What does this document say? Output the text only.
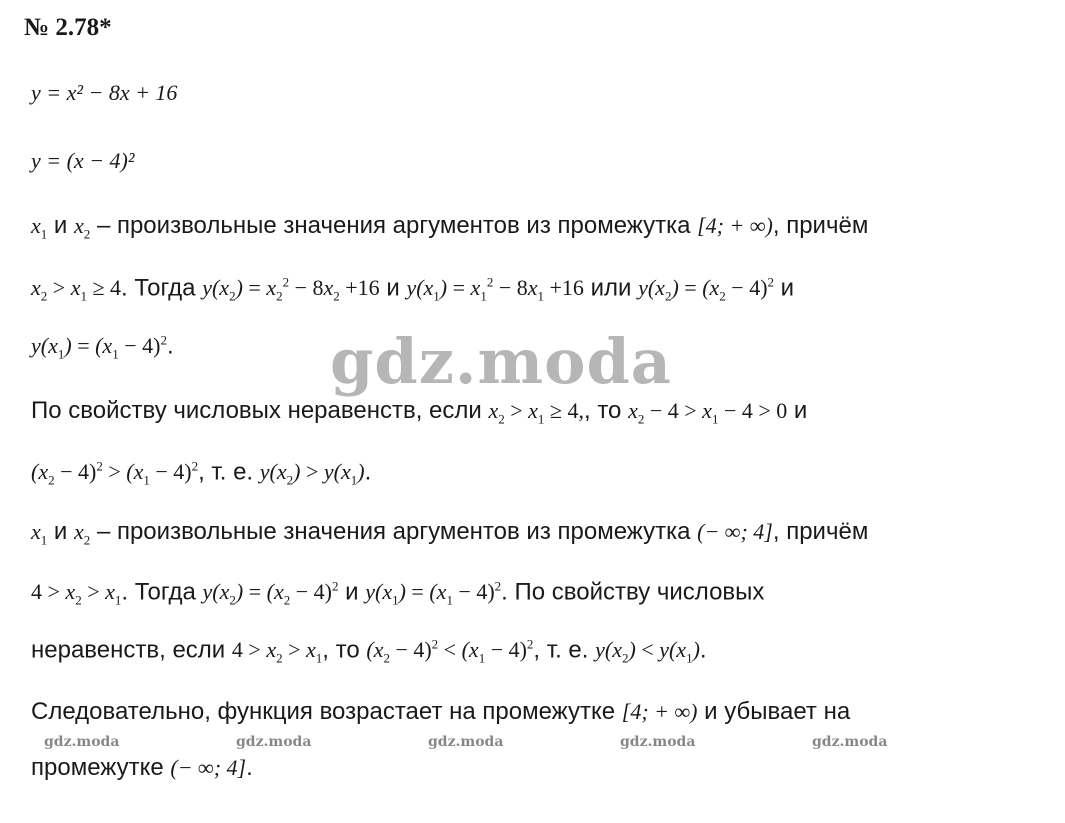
№ 2.78*
y = x² − 8x + 16
y = (x − 4)²
$x_1$ и $x_2$ – произвольные значения аргументов из промежутка [4; + ∞), причём
$x_2 > x_1 \ge 4$. Тогда $y(x_2) = x_2^2 - 8x_2 +16$ и $y(x_1) = x_1^2 - 8x_1 +16$ или $y(x_2) = (x_2 - 4)^2$ и
$y(x_1) = (x_1 - 4)^2$.
По свойству числовых неравенств, если $x_2 > x_1 \ge 4$,, то $x_2 - 4 > x_1 - 4 > 0$ и
$(x_2 - 4)^2 > (x_1 - 4)^2$, т. е. $y(x_2) > y(x_1)$.
$x_1$ и $x_2$ – произвольные значения аргументов из промежутка (− ∞; 4], причём
$4 > x_2 > x_1$. Тогда $y(x_2) = (x_2 - 4)^2$ и $y(x_1) = (x_1 - 4)^2$. По свойству числовых
неравенств, если $4 > x_2 > x_1$, то $(x_2 - 4)^2 < (x_1 - 4)^2$, т. е. $y(x_2) < y(x_1)$.
Следовательно, функция возрастает на промежутке [4; + ∞) и убывает на
промежутке (− ∞; 4].
gdz.moda
gdz.moda	gdz.moda	gdz.moda	gdz.moda	gdz.moda
